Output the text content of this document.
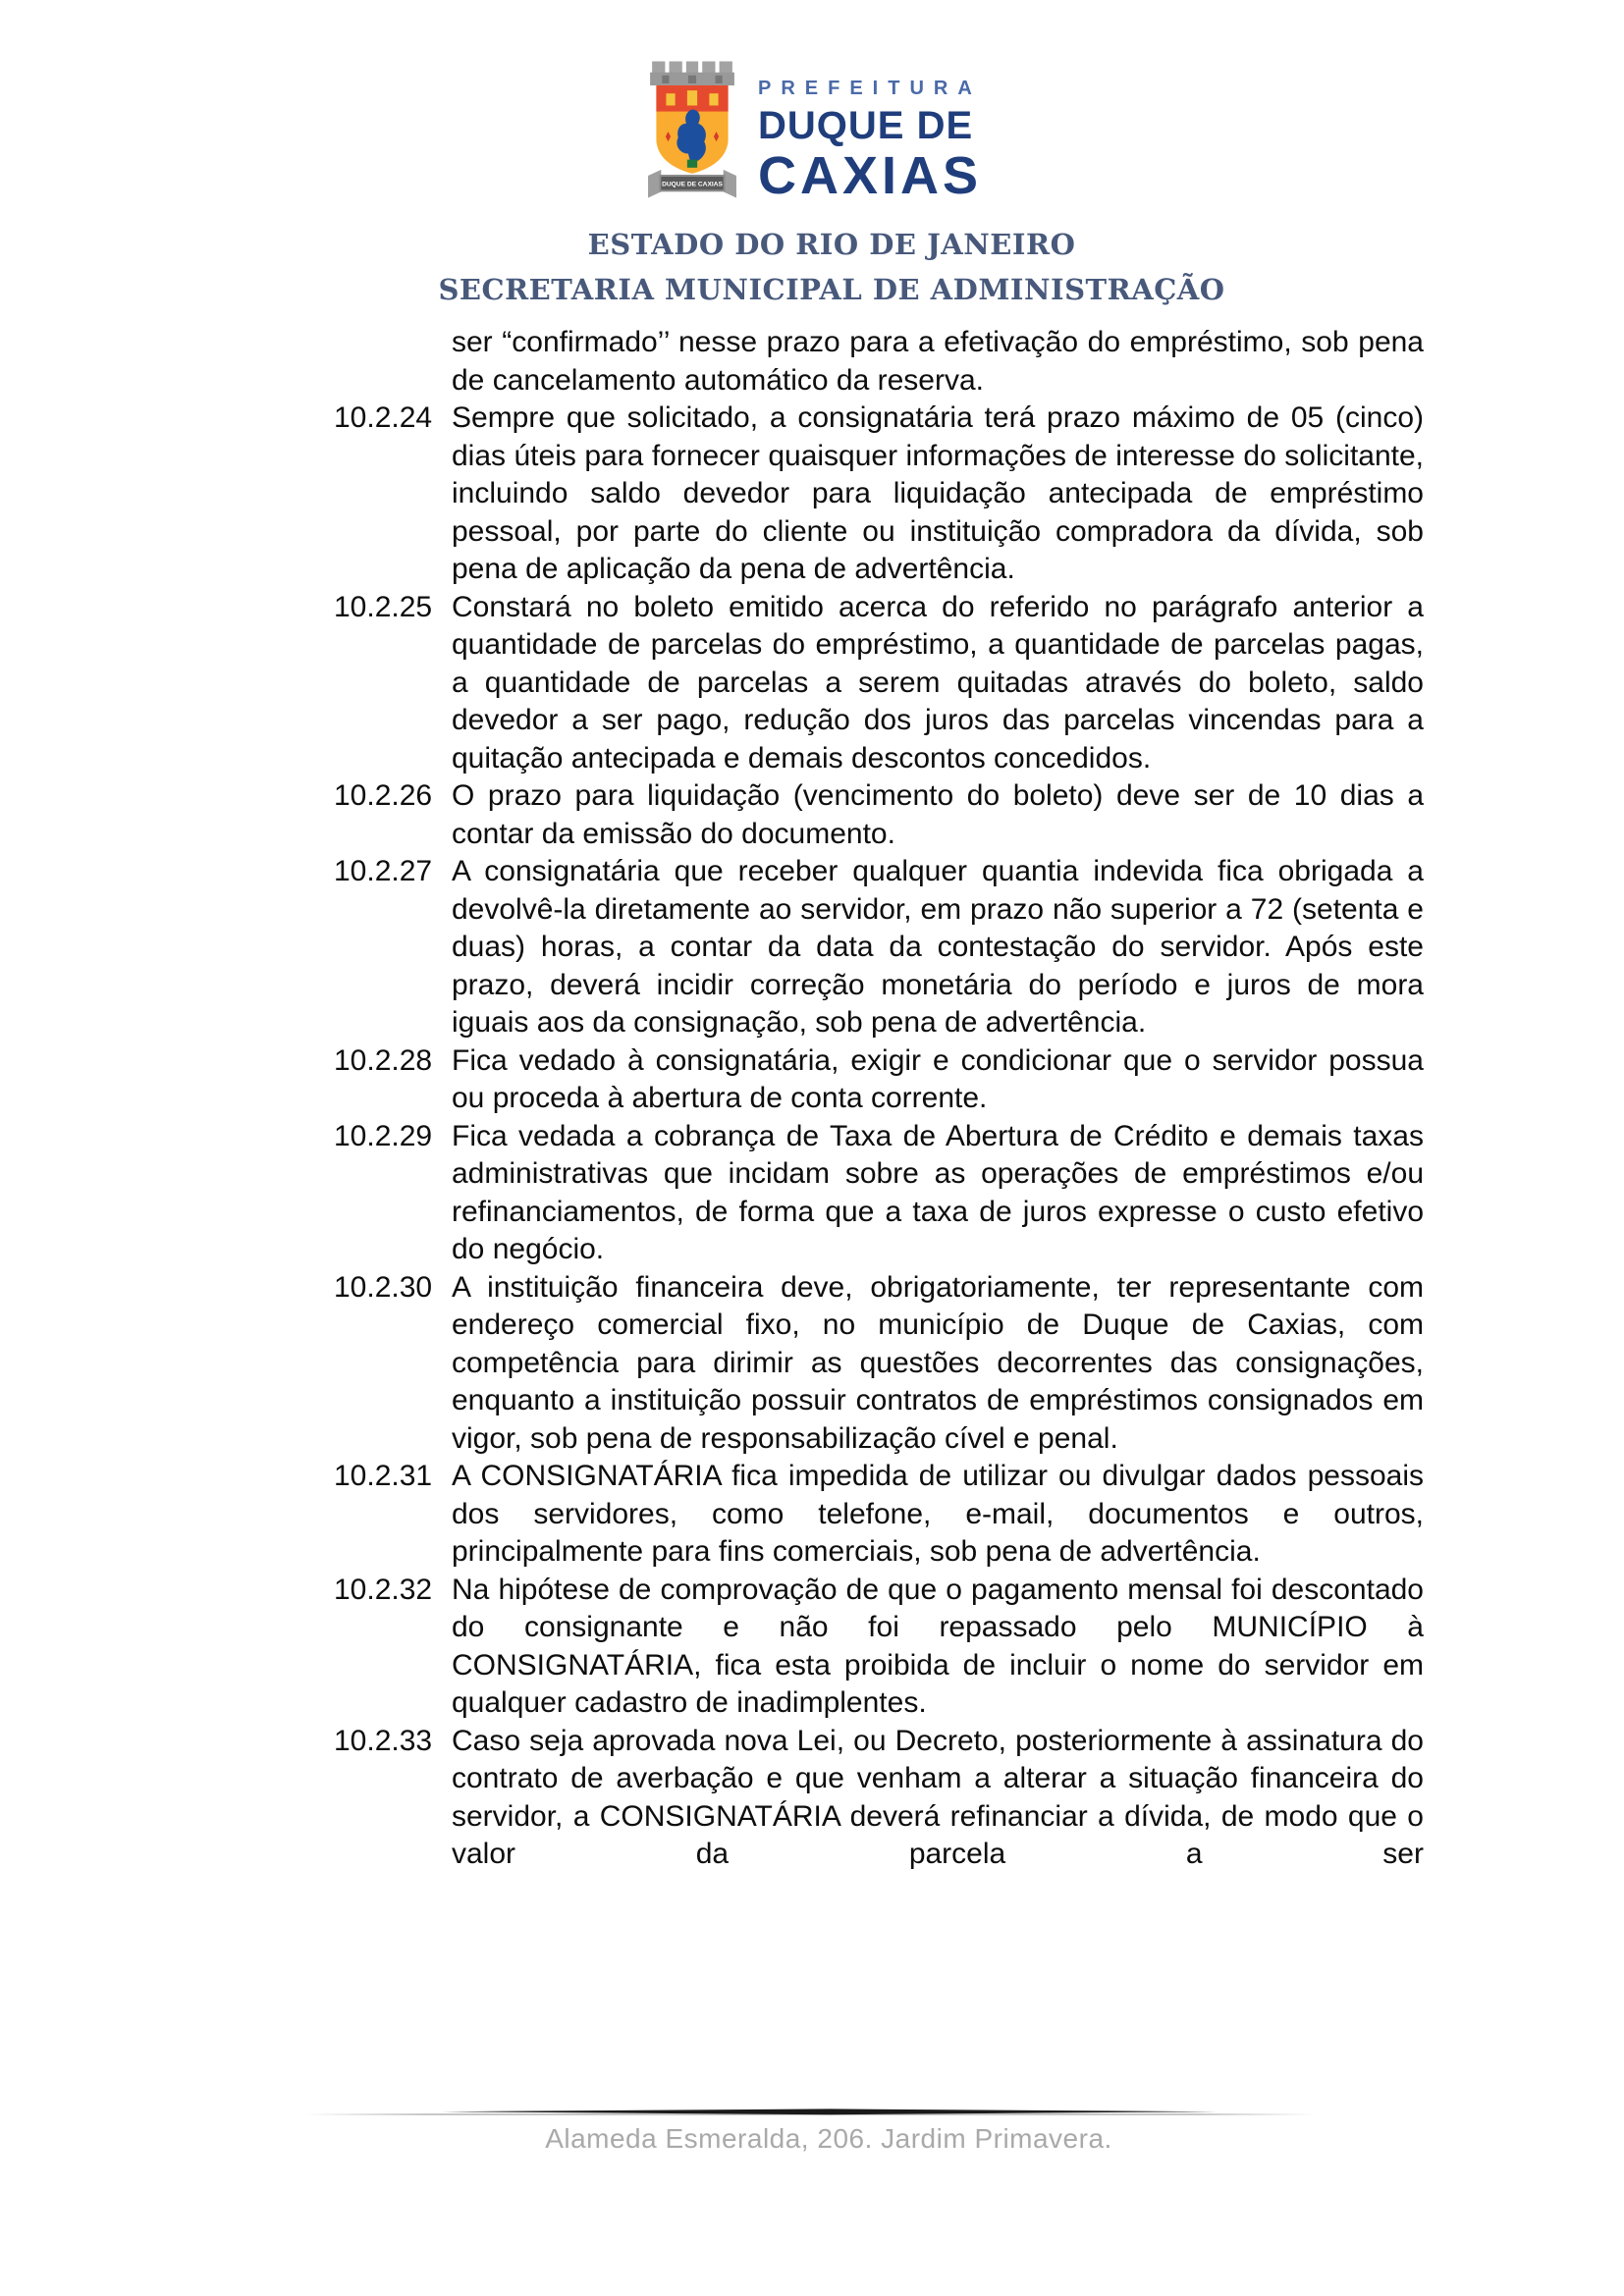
DUQUE DE CAXIAS

PREFEITURA

DUQUE DE

CAXIAS

ESTADO DO RIO DE JANEIRO

SECRETARIA MUNICIPAL DE ADMINISTRAÇÃO

ser “confirmado’’ nesse prazo para a efetivação do empréstimo, sob pena de cancelamento automático da reserva.
10.2.24 Sempre que solicitado, a consignatária terá prazo máximo de 05 (cinco) dias úteis para fornecer quaisquer informações de interesse do solicitante, incluindo saldo devedor para liquidação antecipada de empréstimo pessoal, por parte do cliente ou instituição compradora da dívida, sob pena de aplicação da pena de advertência.
10.2.25 Constará no boleto emitido acerca do referido no parágrafo anterior a quantidade de parcelas do empréstimo, a quantidade de parcelas pagas, a quantidade de parcelas a serem quitadas através do boleto, saldo devedor a ser pago, redução dos juros das parcelas vincendas para a quitação antecipada e demais descontos concedidos.
10.2.26 O prazo para liquidação (vencimento do boleto) deve ser de 10 dias a contar da emissão do documento.
10.2.27 A consignatária que receber qualquer quantia indevida fica obrigada a devolvê-la diretamente ao servidor, em prazo não superior a 72 (setenta e duas) horas, a contar da data da contestação do servidor. Após este prazo, deverá incidir correção monetária do período e juros de mora iguais aos da consignação, sob pena de advertência.
10.2.28 Fica vedado à consignatária, exigir e condicionar que o servidor possua ou proceda à abertura de conta corrente.
10.2.29 Fica vedada a cobrança de Taxa de Abertura de Crédito e demais taxas administrativas que incidam sobre as operações de empréstimos e/ou refinanciamentos, de forma que a taxa de juros expresse o custo efetivo do negócio.
10.2.30 A instituição financeira deve, obrigatoriamente, ter representante com endereço comercial fixo, no município de Duque de Caxias, com competência para dirimir as questões decorrentes das consignações, enquanto a instituição possuir contratos de empréstimos consignados em vigor, sob pena de responsabilização cível e penal.
10.2.31 A CONSIGNATÁRIA fica impedida de utilizar ou divulgar dados pessoais dos servidores, como telefone, e-mail, documentos e outros, principalmente para fins comerciais, sob pena de advertência.
10.2.32 Na hipótese de comprovação de que o pagamento mensal foi descontado do consignante e não foi repassado pelo MUNICÍPIO à CONSIGNATÁRIA, fica esta proibida de incluir o nome do servidor em qualquer cadastro de inadimplentes.
10.2.33 Caso seja aprovada nova Lei, ou Decreto, posteriormente à assinatura do contrato de averbação e que venham a alterar a situação financeira do servidor, a CONSIGNATÁRIA deverá refinanciar a dívida, de modo que o valor da parcela a ser
Alameda Esmeralda, 206. Jardim Primavera.
